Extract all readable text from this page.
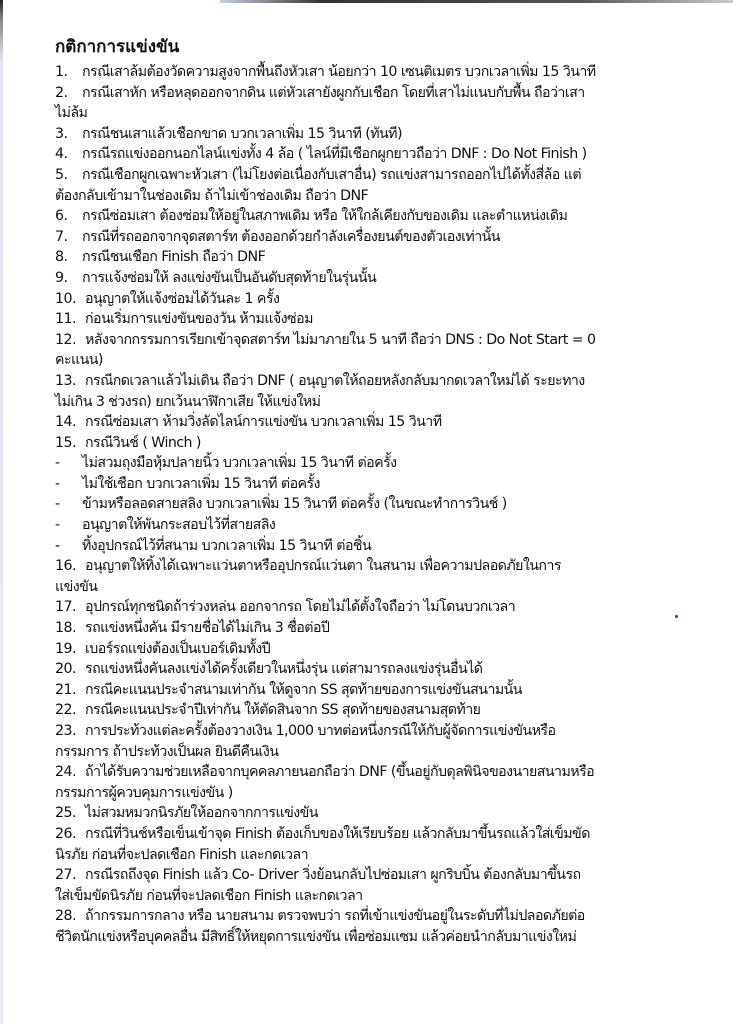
กติกาการแข่งขัน
1. กรณีเสาล้มต้องวัดความสูงจากพื้นถึงหัวเสา น้อยกว่า 10 เซนติเมตร บวกเวลาเพิ่ม 15 วินาที
2. กรณีเสาหัก หรือหลุดออกจากดิน แต่หัวเสายังผูกกับเชือก โดยที่เสาไม่แนบกับพื้น ถือว่าเสา
ไม่ล้ม
3. กรณีชนเสาแล้วเชือกขาด บวกเวลาเพิ่ม 15 วินาที (ทันที)
4. กรณีรถแข่งออกนอกไลน์แข่งทั้ง 4 ล้อ ( ไลน์ที่มีเชือกผูกยาวถือว่า DNF : Do Not Finish )
5. กรณีเชือกผูกเฉพาะหัวเสา (ไม่โยงต่อเนื่องกับเสาอื่น) รถแข่งสามารถออกไปได้ทั้งสี่ล้อ แต่
ต้องกลับเข้ามาในช่องเดิม ถ้าไม่เข้าช่องเดิม ถือว่า DNF
6. กรณีซ่อมเสา ต้องซ่อมให้อยู่ในสภาพเดิม หรือ ให้ใกล้เคียงกับของเดิม และตำแหน่งเดิม
7. กรณีที่รถออกจากจุดสตาร์ท ต้องออกด้วยกำลังเครื่องยนต์ของตัวเองเท่านั้น
8. กรณีชนเชือก Finish ถือว่า DNF
9. การแจ้งซ่อมให้ ลงแข่งขันเป็นอันดับสุดท้ายในรุ่นนั้น
10. อนุญาตให้แจ้งซ่อมได้วันละ 1 ครั้ง
11. ก่อนเริ่มการแข่งขันของวัน ห้ามแจ้งซ่อม
12. หลังจากกรรมการเรียกเข้าจุดสตาร์ท ไม่มาภายใน 5 นาที ถือว่า DNS : Do Not Start = 0
คะแนน)
13. กรณีกดเวลาแล้วไม่เดิน ถือว่า DNF ( อนุญาตให้ถอยหลังกลับมากดเวลาใหม่ได้ ระยะทาง
ไม่เกิน 3 ช่วงรถ) ยกเว้นนาฬิกาเสีย ให้แข่งใหม่
14. กรณีซ่อมเสา ห้ามวิ่งลัดไลน์การแข่งขัน บวกเวลาเพิ่ม 15 วินาที
15. กรณีวินช์ ( Winch )
- ไม่สวมถุงมือหุ้มปลายนิ้ว บวกเวลาเพิ่ม 15 วินาที ต่อครั้ง
- ไม่ใช้เชือก บวกเวลาเพิ่ม 15 วินาที ต่อครั้ง
- ข้ามหรือลอดสายสลิง บวกเวลาเพิ่ม 15 วินาที ต่อครั้ง (ในขณะทำการวินช์ )
- อนุญาตให้พันกระสอบไว้ที่สายสลิง
- ทิ้งอุปกรณ์ไว้ที่สนาม บวกเวลาเพิ่ม 15 วินาที ต่อชิ้น
16. อนุญาตให้ทิ้งได้เฉพาะแว่นตาหรืออุปกรณ์แว่นตา ในสนาม เพื่อความปลอดภัยในการ
แข่งขัน
17. อุปกรณ์ทุกชนิดถ้าร่วงหล่น ออกจากรถ โดยไม่ได้ตั้งใจถือว่า ไม่โดนบวกเวลา
18. รถแข่งหนึ่งคัน มีรายชื่อได้ไม่เกิน 3 ชื่อต่อปี
19. เบอร์รถแข่งต้องเป็นเบอร์เดิมทั้งปี
20. รถแข่งหนึ่งคันลงแข่งได้ครั้งเดียวในหนึ่งรุ่น แต่สามารถลงแข่งรุ่นอื่นได้
21. กรณีคะแนนประจำสนามเท่ากัน ให้ดูจาก SS สุดท้ายของการแข่งขันสนามนั้น
22. กรณีคะแนนประจำปีเท่ากัน ให้ตัดสินจาก SS สุดท้ายของสนามสุดท้าย
23. การประท้วงแต่ละครั้งต้องวางเงิน 1,000 บาทต่อหนึ่งกรณีให้กับผู้จัดการแข่งขันหรือ
กรรมการ ถ้าประท้วงเป็นผล ยินดีคืนเงิน
24. ถ้าได้รับความช่วยเหลือจากบุคคลภายนอกถือว่า DNF (ขึ้นอยู่กับดุลพินิจของนายสนามหรือ
กรรมการผู้ควบคุมการแข่งขัน )
25. ไม่สวมหมวกนิรภัยให้ออกจากการแข่งขัน
26. กรณีที่วินช์หรือเข็นเข้าจุด Finish ต้องเก็บของให้เรียบร้อย แล้วกลับมาขึ้นรถแล้วใส่เข็มขัด
นิรภัย ก่อนที่จะปลดเชือก Finish และกดเวลา
27. กรณีรถถึงจุด Finish แล้ว Co- Driver วิ่งย้อนกลับไปซ่อมเสา ผูกริบบิ้น ต้องกลับมาขึ้นรถ
ใส่เข็มขัดนิรภัย ก่อนที่จะปลดเชือก Finish และกดเวลา
28. ถ้ากรรมการกลาง หรือ นายสนาม ตรวจพบว่า รถที่เข้าแข่งขันอยู่ในระดับที่ไม่ปลอดภัยต่อ
ชีวิตนักแข่งหรือบุคคลอื่น มีสิทธิ์ให้หยุดการแข่งขัน เพื่อซ่อมแซม แล้วค่อยนำกลับมาแข่งใหม่
